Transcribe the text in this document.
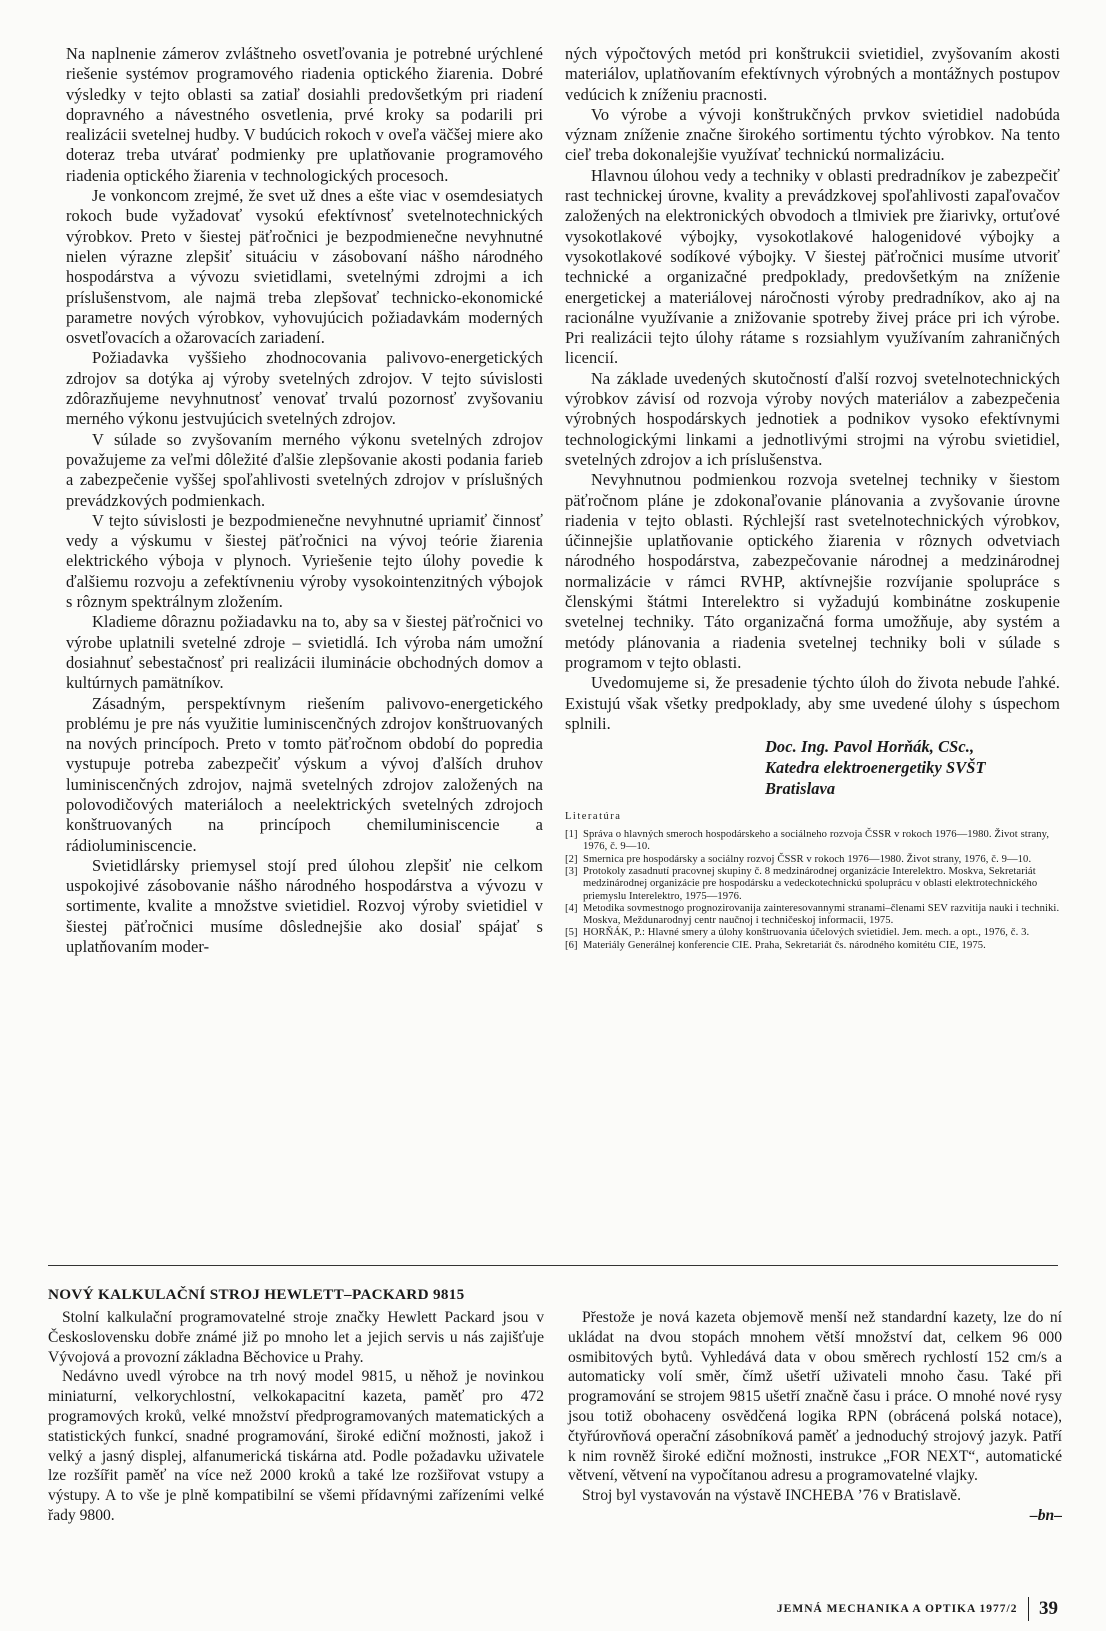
Na naplnenie zámerov zvláštneho osvetľovania je potrebné urýchlené riešenie systémov programového riadenia optického žiarenia. Dobré výsledky v tejto oblasti sa zatiaľ dosiahli predovšetkým pri riadení dopravného a návestného osvetlenia, prvé kroky sa podarili pri realizácii svetelnej hudby. V budúcich rokoch v oveľa väčšej miere ako doteraz treba utvárať podmienky pre uplatňovanie programového riadenia optického žiarenia v technologických procesoch.

Je vonkoncom zrejmé, že svet už dnes a ešte viac v osemdesiatych rokoch bude vyžadovať vysokú efektívnosť svetelnotechnických výrobkov. Preto v šiestej päťročnici je bezpodmienečne nevyhnutné nielen výrazne zlepšiť situáciu v zásobovaní nášho národného hospodárstva a vývozu svietidlami, svetelnými zdrojmi a ich príslušenstvom, ale najmä treba zlepšovať technicko-ekonomické parametre nových výrobkov, vyhovujúcich požiadavkám moderných osvetľovacích a ožarovacích zariadení.

Požiadavka vyššieho zhodnocovania palivovo-energetických zdrojov sa dotýka aj výroby svetelných zdrojov. V tejto súvislosti zdôrazňujeme nevyhnutnosť venovať trvalú pozornosť zvyšovaniu merného výkonu jestvujúcich svetelných zdrojov.

V súlade so zvyšovaním merného výkonu svetelných zdrojov považujeme za veľmi dôležité ďalšie zlepšovanie akosti podania farieb a zabezpečenie vyššej spoľahlivosti svetelných zdrojov v príslušných prevádzkových podmienkach.

V tejto súvislosti je bezpodmienečne nevyhnutné upriamiť činnosť vedy a výskumu v šiestej päťročnici na vývoj teórie žiarenia elektrického výboja v plynoch. Vyriešenie tejto úlohy povedie k ďalšiemu rozvoju a zefektívneniu výroby vysokointenzitných výbojok s rôznym spektrálnym zložením.

Kladieme dôraznu požiadavku na to, aby sa v šiestej päťročnici vo výrobe uplatnili svetelné zdroje – svietidlá. Ich výroba nám umožní dosiahnuť sebestačnosť pri realizácii iluminácie obchodných domov a kultúrnych pamätníkov.

Zásadným, perspektívnym riešením palivovo-energetického problému je pre nás využitie luminiscenčných zdrojov konštruovaných na nových princípoch. Preto v tomto päťročnom období do popredia vystupuje potreba zabezpečiť výskum a vývoj ďalších druhov luminiscenčných zdrojov, najmä svetelných zdrojov založených na polovodičových materiáloch a neelektrických svetelných zdrojoch konštruovaných na princípoch chemiluminiscencie a rádioluminiscencie.

Svietidlársky priemysel stojí pred úlohou zlepšiť nie celkom uspokojivé zásobovanie nášho národného hospodárstva a vývozu v sortimente, kvalite a množstve svietidiel. Rozvoj výroby svietidiel v šiestej päťročnici musíme dôslednejšie ako dosiaľ spájať s uplatňovaním moder-

ných výpočtových metód pri konštrukcii svietidiel, zvyšovaním akosti materiálov, uplatňovaním efektívnych výrobných a montážnych postupov vedúcich k zníženiu pracnosti.

Vo výrobe a vývoji konštrukčných prvkov svietidiel nadobúda význam zníženie značne širokého sortimentu týchto výrobkov. Na tento cieľ treba dokonalejšie využívať technickú normalizáciu.

Hlavnou úlohou vedy a techniky v oblasti predradníkov je zabezpečiť rast technickej úrovne, kvality a prevádzkovej spoľahlivosti zapaľovačov založených na elektronických obvodoch a tlmiviek pre žiarivky, ortuťové vysokotlakové výbojky, vysokotlakové halogenidové výbojky a vysokotlakové sodíkové výbojky. V šiestej päťročnici musíme utvoriť technické a organizačné predpoklady, predovšetkým na zníženie energetickej a materiálovej náročnosti výroby predradníkov, ako aj na racionálne využívanie a znižovanie spotreby živej práce pri ich výrobe. Pri realizácii tejto úlohy rátame s rozsiahlym využívaním zahraničných licencií.

Na základe uvedených skutočností ďalší rozvoj svetelnotechnických výrobkov závisí od rozvoja výroby nových materiálov a zabezpečenia výrobných hospodárskych jednotiek a podnikov vysoko efektívnymi technologickými linkami a jednotlivými strojmi na výrobu svietidiel, svetelných zdrojov a ich príslušenstva.

Nevyhnutnou podmienkou rozvoja svetelnej techniky v šiestom päťročnom pláne je zdokonaľovanie plánovania a zvyšovanie úrovne riadenia v tejto oblasti. Rýchlejší rast svetelnotechnických výrobkov, účinnejšie uplatňovanie optického žiarenia v rôznych odvetviach národného hospodárstva, zabezpečovanie národnej a medzinárodnej normalizácie v rámci RVHP, aktívnejšie rozvíjanie spolupráce s členskými štátmi Interelektro si vyžadujú kombinátne zoskupenie svetelnej techniky. Táto organizačná forma umožňuje, aby systém a metódy plánovania a riadenia svetelnej techniky boli v súlade s programom v tejto oblasti.

Uvedomujeme si, že presadenie týchto úloh do života nebude ľahké. Existujú však všetky predpoklady, aby sme uvedené úlohy s úspechom splnili.

Doc. Ing. Pavol Horňák, CSc.,
Katedra elektroenergetiky SVŠT
Bratislava
Literatúra
[1] Správa o hlavných smeroch hospodárskeho a sociálneho rozvoja ČSSR v rokoch 1976—1980. Život strany, 1976, č. 9—10.
[2] Smernica pre hospodársky a sociálny rozvoj ČSSR v rokoch 1976—1980. Život strany, 1976, č. 9—10.
[3] Protokoly zasadnutí pracovnej skupiny č. 8 medzinárodnej organizácie Interelektro. Moskva, Sekretariát medzinárodnej organizácie pre hospodársku a vedeckotechnickú spoluprácu v oblasti elektrotechnického priemyslu Interelektro, 1975—1976.
[4] Metodika sovmestnogo prognozirovanija zainteresovannymi stranami–členami SEV razvitija nauki i techniki. Moskva, Meždunarodnyj centr naučnoj i techničeskoj informacii, 1975.
[5] HORŇÁK, P.: Hlavné smery a úlohy konštruovania účelových svietidiel. Jem. mech. a opt., 1976, č. 3.
[6] Materiály Generálnej konferencie CIE. Praha, Sekretariát čs. národného komitétu CIE, 1975.
NOVÝ KALKULAČNÍ STROJ HEWLETT–PACKARD 9815

Stolní kalkulační programovatelné stroje značky Hewlett Packard jsou v Československu dobře známé již po mnoho let a jejich servis u nás zajišťuje Vývojová a provozní základna Běchovice u Prahy.

Nedávno uvedl výrobce na trh nový model 9815, u něhož je novinkou miniaturní, velkorychlostní, velkokapacitní kazeta, paměť pro 472 programových kroků, velké množství předprogramovaných matematických a statistických funkcí, snadné programování, široké ediční možnosti, jakož i velký a jasný displej, alfanumerická tiskárna atd. Podle požadavku uživatele lze rozšířit paměť na více než 2000 kroků a také lze rozšiřovat vstupy a výstupy. A to vše je plně kompatibilní se všemi přídavnými zařízeními velké řady 9800.

Přestože je nová kazeta objemově menší než standardní kazety, lze do ní ukládat na dvou stopách mnohem větší množství dat, celkem 96 000 osmibitových bytů. Vyhledává data v obou směrech rychlostí 152 cm/s a automaticky volí směr, čímž ušetří uživateli mnoho času. Také při programování se strojem 9815 ušetří značně času i práce. O mnohé nové rysy jsou totiž obohaceny osvědčená logika RPN (obrácená polská notace), čtyřúrovňová operační zásobníková paměť a jednoduchý strojový jazyk. Patří k nim rovněž široké ediční možnosti, instrukce „FOR NEXT“, automatické větvení, větvení na vypočítanou adresu a programovatelné vlajky.

Stroj byl vystavován na výstavě INCHEBA ’76 v Bratislavě.

–bn–
JEMNÁ MECHANIKA A OPTIKA 1977/2 39
